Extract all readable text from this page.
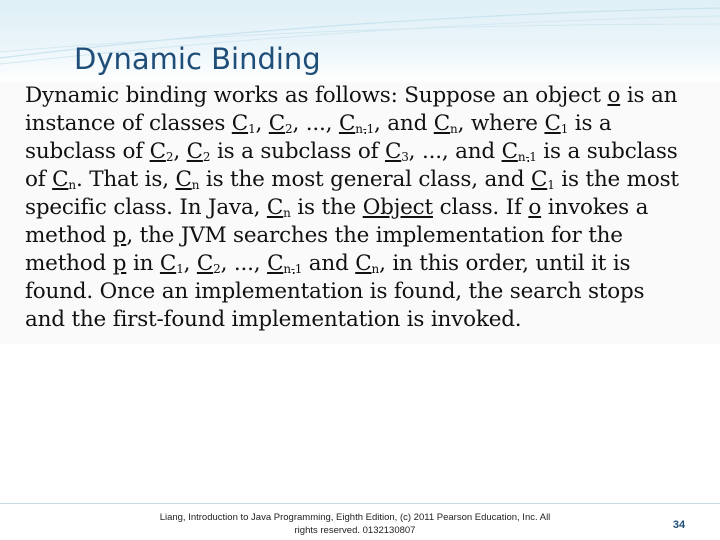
Dynamic Binding

Dynamic binding works as follows: Suppose an object o is an
instance of classes $C_1$, $C_2$, ..., $C_{n-1}$, and $C_n$, where $C_1$ is a
subclass of $C_2$, $C_2$ is a subclass of $C_3$, ..., and $C_{n-1}$ is a subclass
of $C_n$. That is, $C_n$ is the most general class, and $C_1$ is the most
specific class. In Java, $C_n$ is the Object class. If o invokes a
method p, the JVM searches the implementation for the
method p in $C_1$, $C_2$, ..., $C_{n-1}$ and $C_n$, in this order, until it is
found. Once an implementation is found, the search stops
and the first-found implementation is invoked.

Liang, Introduction to Java Programming, Eighth Edition, (c) 2011 Pearson Education, Inc. All
rights reserved. 0132130807	34
